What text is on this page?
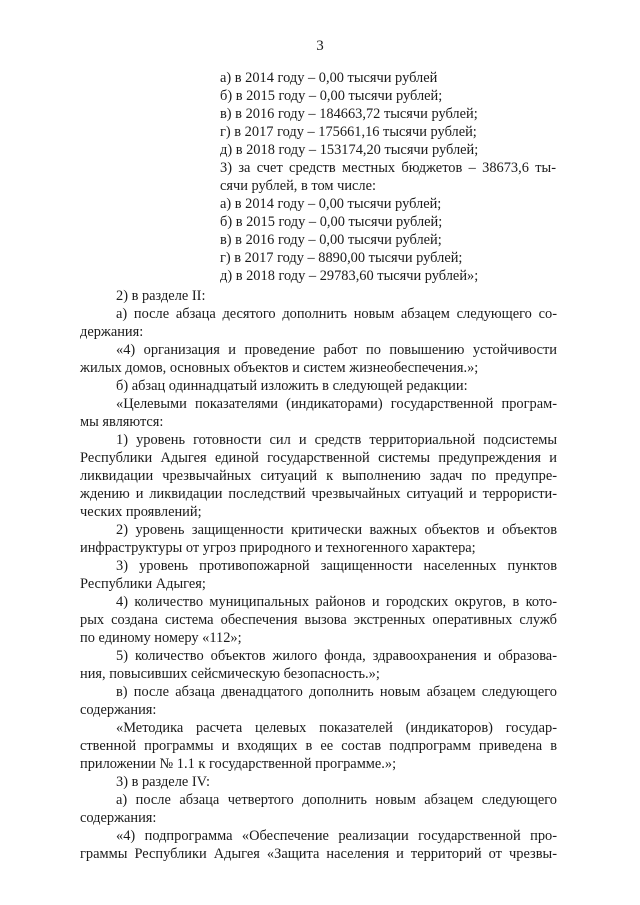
3
а) в 2014 году – 0,00 тысячи рублей
б) в 2015 году – 0,00 тысячи рублей;
в) в 2016 году – 184663,72 тысячи рублей;
г) в 2017 году – 175661,16 тысячи рублей;
д) в 2018 году – 153174,20 тысячи рублей;
3) за счет средств местных бюджетов – 38673,6 ты-
сячи рублей, в том числе:
а) в 2014 году – 0,00 тысячи рублей;
б) в 2015 году – 0,00 тысячи рублей;
в) в 2016 году – 0,00 тысячи рублей;
г) в 2017 году – 8890,00 тысячи рублей;
д) в 2018 году – 29783,60 тысячи рублей»;
2) в разделе II:
а) после абзаца десятого дополнить новым абзацем следующего со-
держания:
«4) организация и проведение работ по повышению устойчивости
жилых домов, основных объектов и систем жизнеобеспечения.»;
б) абзац одиннадцатый изложить в следующей редакции:
«Целевыми показателями (индикаторами) государственной програм-
мы являются:
1) уровень готовности сил и средств территориальной подсистемы
Республики Адыгея единой государственной системы предупреждения и
ликвидации чрезвычайных ситуаций к выполнению задач по предупре-
ждению и ликвидации последствий чрезвычайных ситуаций и террористи-
ческих проявлений;
2) уровень защищенности критически важных объектов и объектов
инфраструктуры от угроз природного и техногенного характера;
3) уровень противопожарной защищенности населенных пунктов
Республики Адыгея;
4) количество муниципальных районов и городских округов, в кото-
рых создана система обеспечения вызова экстренных оперативных служб
по единому номеру «112»;
5) количество объектов жилого фонда, здравоохранения и образова-
ния, повысивших сейсмическую безопасность.»;
в) после абзаца двенадцатого дополнить новым абзацем следующего
содержания:
«Методика расчета целевых показателей (индикаторов) государ-
ственной программы и входящих в ее состав подпрограмм приведена в
приложении № 1.1 к государственной программе.»;
3) в разделе IV:
а) после абзаца четвертого дополнить новым абзацем следующего
содержания:
«4) подпрограмма «Обеспечение реализации государственной про-
граммы Республики Адыгея «Защита населения и территорий от чрезвы-
